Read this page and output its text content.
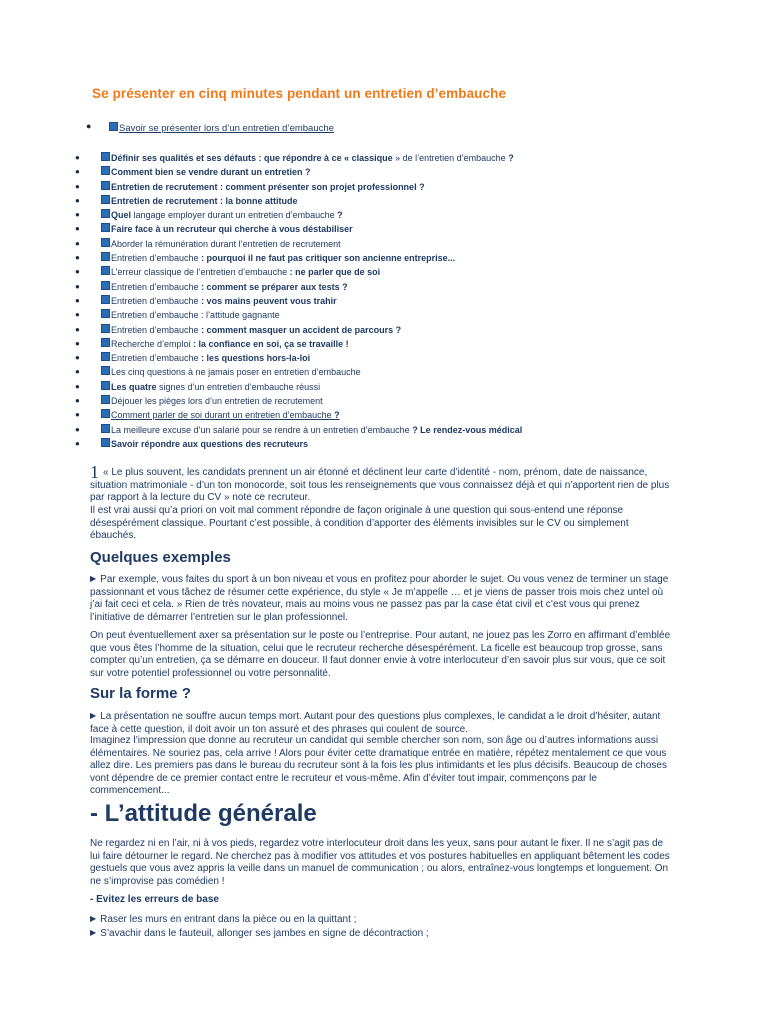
Se présenter en cinq minutes pendant un entretien d’embauche
●	Savoir se présenter lors d’un entretien d’embauche
●	Définir ses qualités et ses défauts : que répondre à ce « classique » de l’entretien d’embauche ?
●	Comment bien se vendre durant un entretien ?
●	Entretien de recrutement : comment présenter son projet professionnel ?
●	Entretien de recrutement : la bonne attitude
●	Quel langage employer durant un entretien d’embauche ?
●	Faire face à un recruteur qui cherche à vous déstabiliser
●	Aborder la rémunération durant l’entretien de recrutement
●	Entretien d’embauche : pourquoi il ne faut pas critiquer son ancienne entreprise...
●	L’erreur classique de l’entretien d’embauche : ne parler que de soi
●	Entretien d’embauche : comment se préparer aux tests ?
●	Entretien d’embauche : vos mains peuvent vous trahir
●	Entretien d’embauche : l’attitude gagnante
●	Entretien d’embauche : comment masquer un accident de parcours ?
●	Recherche d’emploi : la confiance en soi, ça se travaille !
●	Entretien d’embauche : les questions hors-la-loi
●	Les cinq questions à ne jamais poser en entretien d’embauche
●	Les quatre signes d’un entretien d’embauche réussi
●	Déjouer les pièges lors d’un entretien de recrutement
●	Comment parler de soi durant un entretien d’embauche ?
●	La meilleure excuse d’un salarié pour se rendre à un entretien d’embauche ? Le rendez-vous médical
●	Savoir répondre aux questions des recruteurs
1 « Le plus souvent, les candidats prennent un air étonné et déclinent leur carte d’identité - nom, prénom, date de naissance, situation matrimoniale - d’un ton monocorde, soit tous les renseignements que vous connaissez déjà et qui n’apportent rien de plus par rapport à la lecture du CV » note ce recruteur.
Il est vrai aussi qu’a priori on voit mal comment répondre de façon originale à une question qui sous-entend une réponse désespérément classique. Pourtant c’est possible, à condition d’apporter des éléments invisibles sur le CV ou simplement ébauchés.
Quelques exemples
▶ Par exemple, vous faites du sport à un bon niveau et vous en profitez pour aborder le sujet. Ou vous venez de terminer un stage passionnant et vous tâchez de résumer cette expérience, du style « Je m’appelle … et je viens de passer trois mois chez untel où j’ai fait ceci et cela. » Rien de très novateur, mais au moins vous ne passez pas par la case état civil et c’est vous qui prenez l’initiative de démarrer l’entretien sur le plan professionnel.
On peut éventuellement axer sa présentation sur le poste ou l’entreprise. Pour autant, ne jouez pas les Zorro en affirmant d’emblée que vous êtes l’homme de la situation, celui que le recruteur recherche désespérément. La ficelle est beaucoup trop grosse, sans compter qu’un entretien, ça se démarre en douceur. Il faut donner envie à votre interlocuteur d’en savoir plus sur vous, que ce soit sur votre potentiel professionnel ou votre personnalité.
Sur la forme ?
▶ La présentation ne souffre aucun temps mort. Autant pour des questions plus complexes, le candidat a le droit d’hésiter, autant face à cette question, il doit avoir un ton assuré et des phrases qui coulent de source.
Imaginez l’impression que donne au recruteur un candidat qui semble chercher son nom, son âge ou d’autres informations aussi élémentaires. Ne souriez pas, cela arrive ! Alors pour éviter cette dramatique entrée en matière, répétez mentalement ce que vous allez dire. Les premiers pas dans le bureau du recruteur sont à la fois les plus intimidants et les plus décisifs. Beaucoup de choses vont dépendre de ce premier contact entre le recruteur et vous-même. Afin d’éviter tout impair, commençons par le commencement...
- L’attitude générale
Ne regardez ni en l’air, ni à vos pieds, regardez votre interlocuteur droit dans les yeux, sans pour autant le fixer. Il ne s’agit pas de lui faire détourner le regard. Ne cherchez pas à modifier vos attitudes et vos postures habituelles en appliquant bêtement les codes gestuels que vous avez appris la veille dans un manuel de communication ; ou alors, entraînez-vous longtemps et longuement. On ne s’improvise pas comédien !
- Evitez les erreurs de base
▶ Raser les murs en entrant dans la pièce ou en la quittant ;
▶ S’avachir dans le fauteuil, allonger ses jambes en signe de décontraction ;
